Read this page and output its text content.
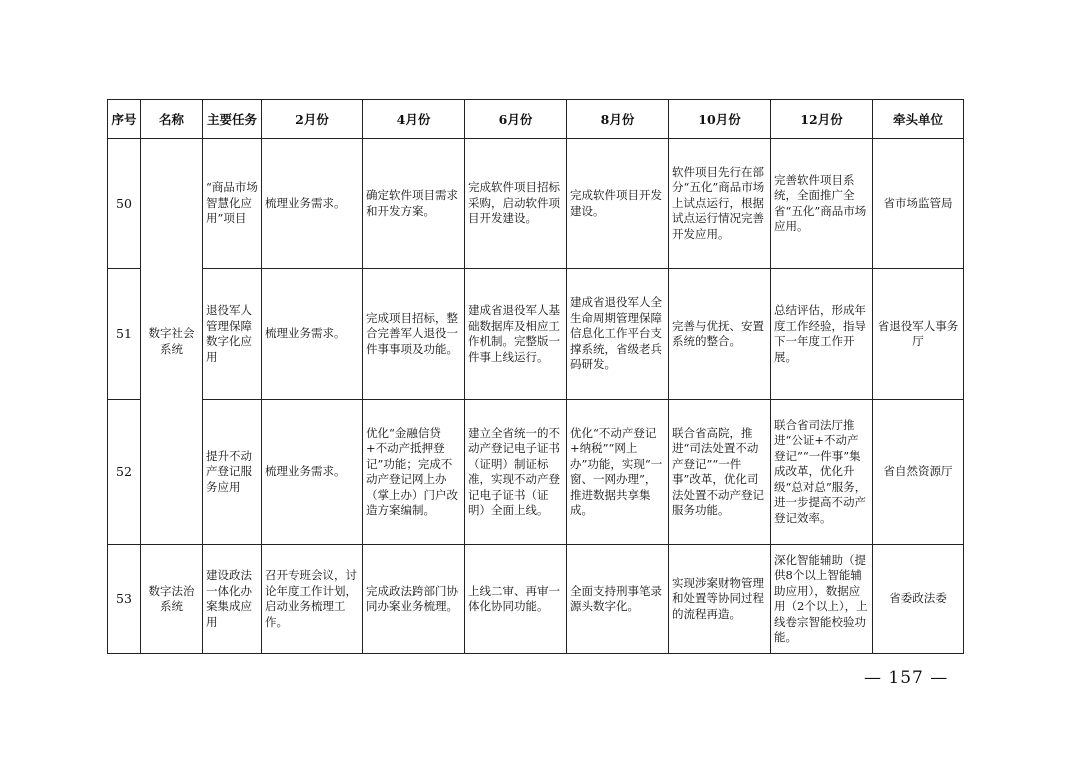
序号	名称	主要任务	2月份	4月份	6月份	8月份	10月份	12月份	牵头单位
50	数字社会系统	“商品市场智慧化应用”项目	梳理业务需求。	确定软件项目需求和开发方案。	完成软件项目招标采购，启动软件项目开发建设。	完成软件项目开发建设。	软件项目先行在部分“五化”商品市场上试点运行，根据试点运行情况完善开发应用。	完善软件项目系统，全面推广全省“五化”商品市场应用。	省市场监管局
51		退役军人管理保障数字化应用	梳理业务需求。	完成项目招标，整合完善军人退役一件事事项及功能。	建成省退役军人基础数据库及相应工作机制。完整版一件事上线运行。	建成省退役军人全生命周期管理保障信息化工作平台支撑系统，省级老兵码研发。	完善与优抚、安置系统的整合。	总结评估，形成年度工作经验，指导下一年度工作开展。	省退役军人事务厅
52		提升不动产登记服务应用	梳理业务需求。	优化“金融信贷+不动产抵押登记”功能；完成不动产登记网上办（掌上办）门户改造方案编制。	建立全省统一的不动产登记电子证书（证明）制证标准，实现不动产登记电子证书（证明）全面上线。	优化“不动产登记+纳税”“网上办”功能，实现“一窗、一网办理”，推进数据共享集成。	联合省高院，推进“司法处置不动产登记”“一件事”改革，优化司法处置不动产登记服务功能。	联合省司法厅推进“公证+不动产登记”“一件事”集成改革，优化升级“总对总”服务，进一步提高不动产登记效率。	省自然资源厅
53	数字法治系统	建设政法一体化办案集成应用	召开专班会议，讨论年度工作计划，启动业务梳理工作。	完成政法跨部门协同办案业务梳理。	上线二审、再审一体化协同功能。	全面支持刑事笔录源头数字化。	实现涉案财物管理和处置等协同过程的流程再造。	深化智能辅助（提供8个以上智能辅助应用），数据应用（2个以上），上线卷宗智能校验功能。	省委政法委
— 157 —
